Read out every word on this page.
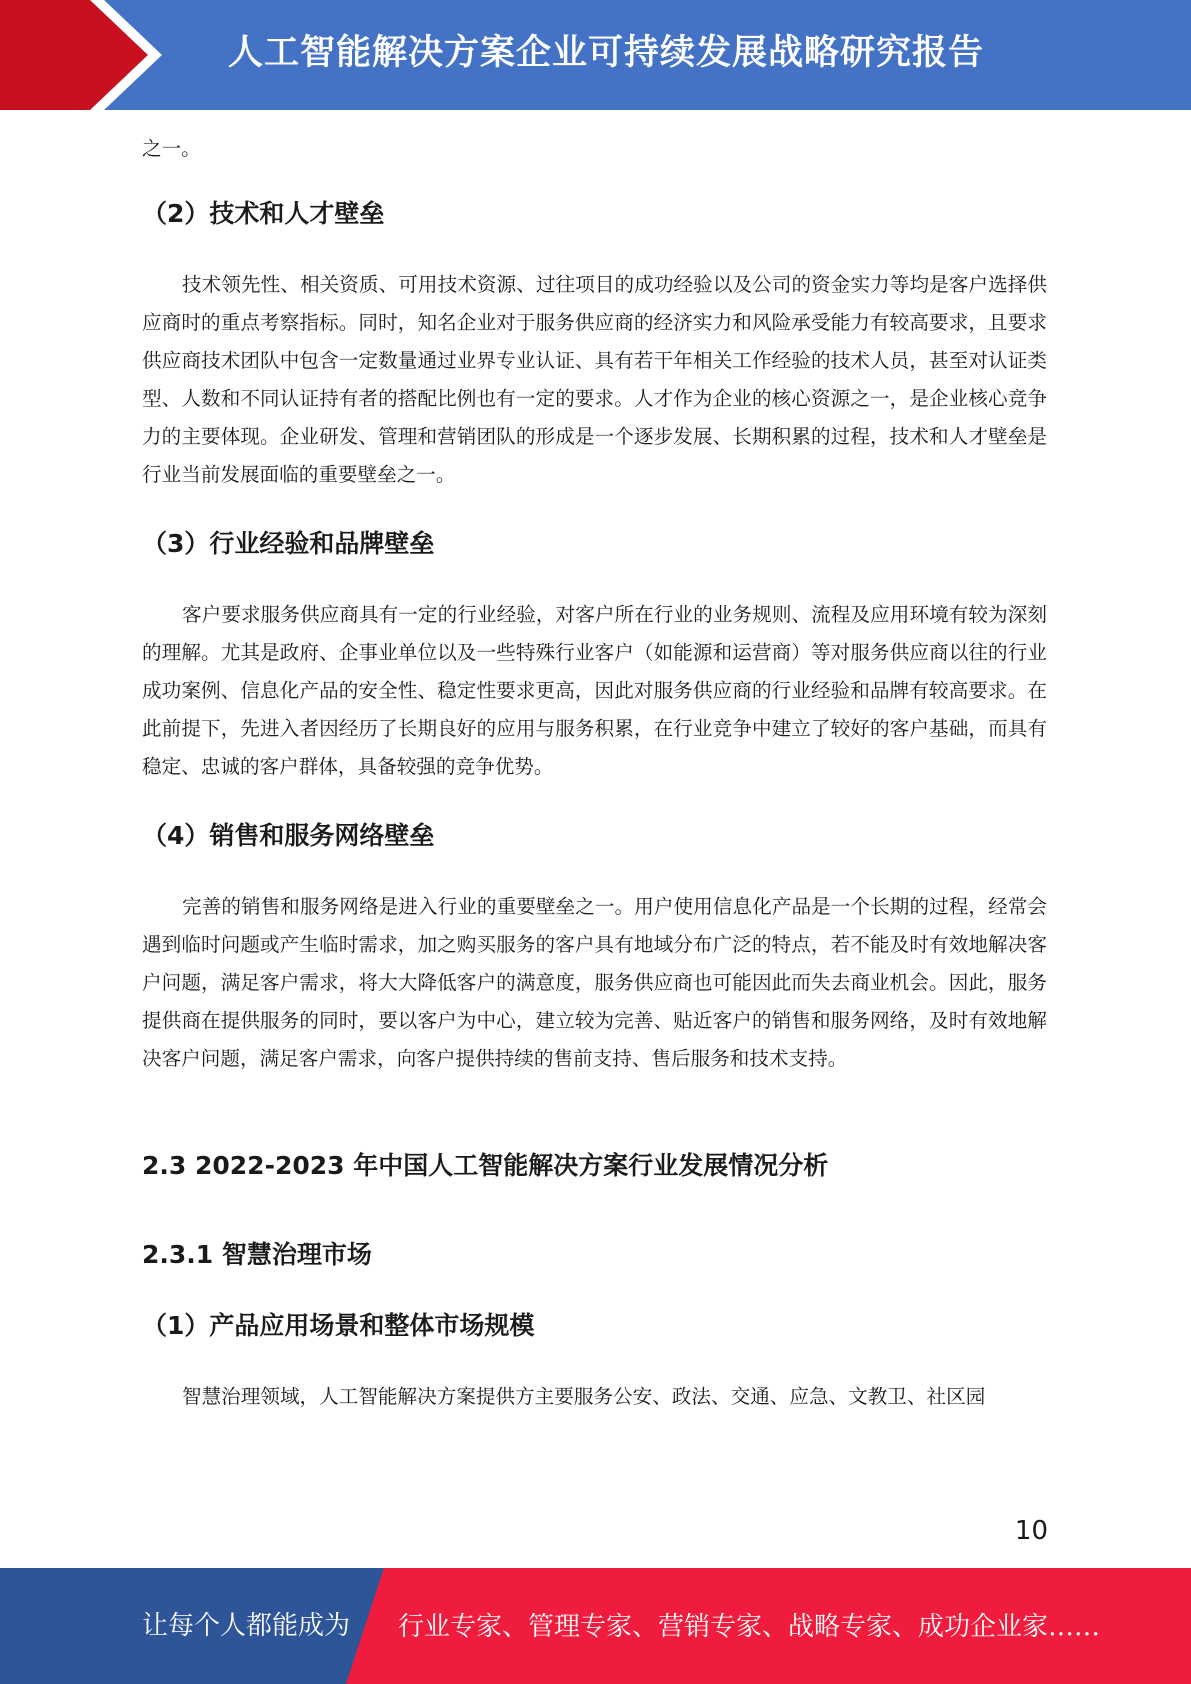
人工智能解决方案企业可持续发展战略研究报告

之一。

（2）技术和人才壁垒

技术领先性、相关资质、可用技术资源、过往项目的成功经验以及公司的资金实力等均是客户选择供应商时的重点考察指标。同时，知名企业对于服务供应商的经济实力和风险承受能力有较高要求，且要求供应商技术团队中包含一定数量通过业界专业认证、具有若干年相关工作经验的技术人员，甚至对认证类型、人数和不同认证持有者的搭配比例也有一定的要求。人才作为企业的核心资源之一，是企业核心竞争力的主要体现。企业研发、管理和营销团队的形成是一个逐步发展、长期积累的过程，技术和人才壁垒是行业当前发展面临的重要壁垒之一。

（3）行业经验和品牌壁垒

客户要求服务供应商具有一定的行业经验，对客户所在行业的业务规则、流程及应用环境有较为深刻的理解。尤其是政府、企事业单位以及一些特殊行业客户（如能源和运营商）等对服务供应商以往的行业成功案例、信息化产品的安全性、稳定性要求更高，因此对服务供应商的行业经验和品牌有较高要求。在此前提下，先进入者因经历了长期良好的应用与服务积累，在行业竞争中建立了较好的客户基础，而具有稳定、忠诚的客户群体，具备较强的竞争优势。

（4）销售和服务网络壁垒

完善的销售和服务网络是进入行业的重要壁垒之一。用户使用信息化产品是一个长期的过程，经常会遇到临时问题或产生临时需求，加之购买服务的客户具有地域分布广泛的特点，若不能及时有效地解决客户问题，满足客户需求，将大大降低客户的满意度，服务供应商也可能因此而失去商业机会。因此，服务提供商在提供服务的同时，要以客户为中心，建立较为完善、贴近客户的销售和服务网络，及时有效地解决客户问题，满足客户需求，向客户提供持续的售前支持、售后服务和技术支持。

2.3 2022-2023 年中国人工智能解决方案行业发展情况分析
2.3.1 智慧治理市场
（1）产品应用场景和整体市场规模

智慧治理领域，人工智能解决方案提供方主要服务公安、政法、交通、应急、文教卫、社区园

10
让每个人都能成为 行业专家、管理专家、营销专家、战略专家、成功企业家……
